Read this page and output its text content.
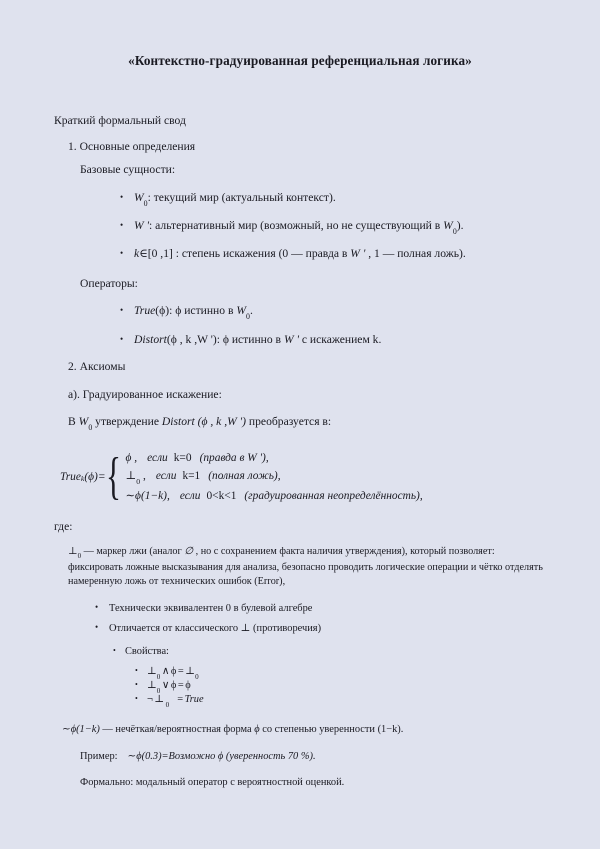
«Контекстно-градуированная референциальная логика»
Краткий формальный свод
1. Основные определения
Базовые сущности:
• $W_0$: текущий мир (актуальный контекст).
• W ': альтернативный мир (возможный, но не существующий в $W_0$).
• k∈[0 ,1] : степень искажения (0 — правда в W ' , 1 — полная ложь).
Операторы:
• True(ϕ): ϕ истинно в $W_0$.
• Distort(ϕ , k ,W '): ϕ истинно в W ' с искажением k.
2. Аксиомы
a). Градуированное искажение:
В $W_0$ утверждение Distort (ϕ , k ,W ') преобразуется в:
True k (ϕ) = { ϕ , если k=0 (правда в W '),
$\perp_0$ , если k=1 (полная ложь),
∼ϕ(1−k), если 0<k<1 (градуированная неопределённость),
где:
$\perp_0$ — маркер лжи (аналог ∅ , но с сохранением факта наличия утверждения), который позволяет: фиксировать ложные высказывания для анализа, безопасно проводить логические операции и чётко отделять намеренную ложь от технических ошибок (Error),
•	Технически эквивалентен 0 в булевой алгебре
•	Отличается от классического ⊥ (противоречия)
• Свойства:
• $\perp_0$ ∧ $\phi = \perp_0$
• $\perp_0$ ∨ ϕ = ϕ
• ¬ ⊥ $_0$ = True
∼ϕ(1−k) — нечёткая/вероятностная форма ϕ со степенью уверенности (1−k).
Пример: ∼ϕ(0.3)=Возможно ϕ (уверенность 70 %).
Формально: модальный оператор с вероятностной оценкой.
